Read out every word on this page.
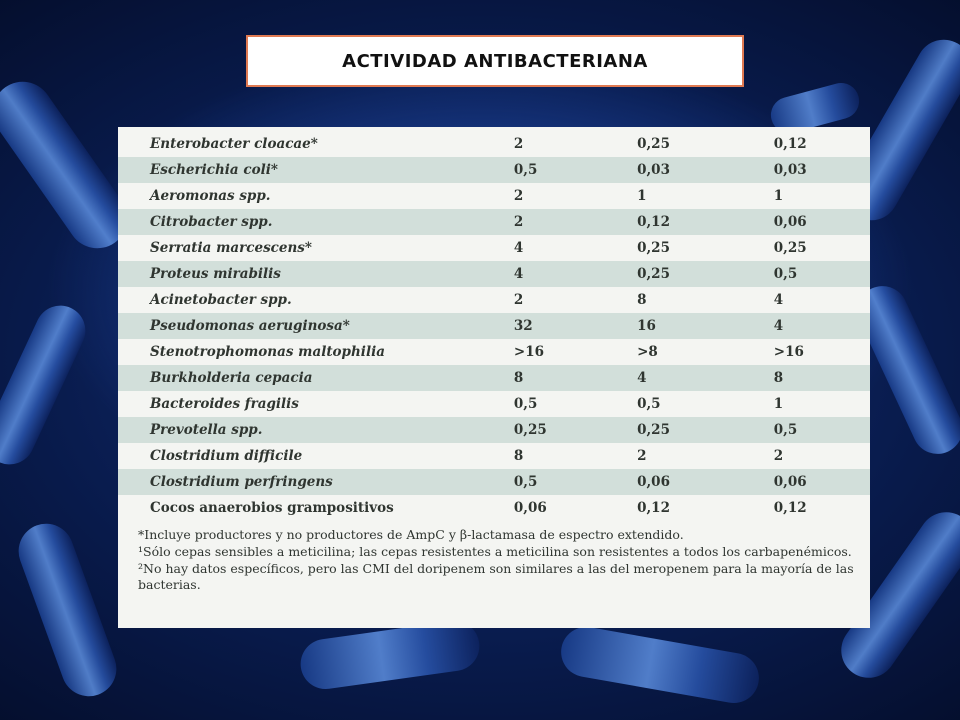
ACTIVIDAD ANTIBACTERIANA
Enterobacter cloacae*	2	0,25	0,12
Escherichia coli*	0,5	0,03	0,03
Aeromonas spp.	2	1	1
Citrobacter spp.	2	0,12	0,06
Serratia marcescens*	4	0,25	0,25
Proteus mirabilis	4	0,25	0,5
Acinetobacter spp.	2	8	4
Pseudomonas aeruginosa*	32	16	4
Stenotrophomonas maltophilia	>16	>8	>16
Burkholderia cepacia	8	4	8
Bacteroides fragilis	0,5	0,5	1
Prevotella spp.	0,25	0,25	0,5
Clostridium difficile	8	2	2
Clostridium perfringens	0,5	0,06	0,06
Cocos anaerobios grampositivos	0,06	0,12	0,12

*Incluye productores y no productores de AmpC y β-lactamasa de espectro extendido.

¹Sólo cepas sensibles a meticilina; las cepas resistentes a meticilina son resistentes a todos los carbapenémicos.

²No hay datos específicos, pero las CMI del doripenem son similares a las del meropenem para la mayoría de las bacterias.
